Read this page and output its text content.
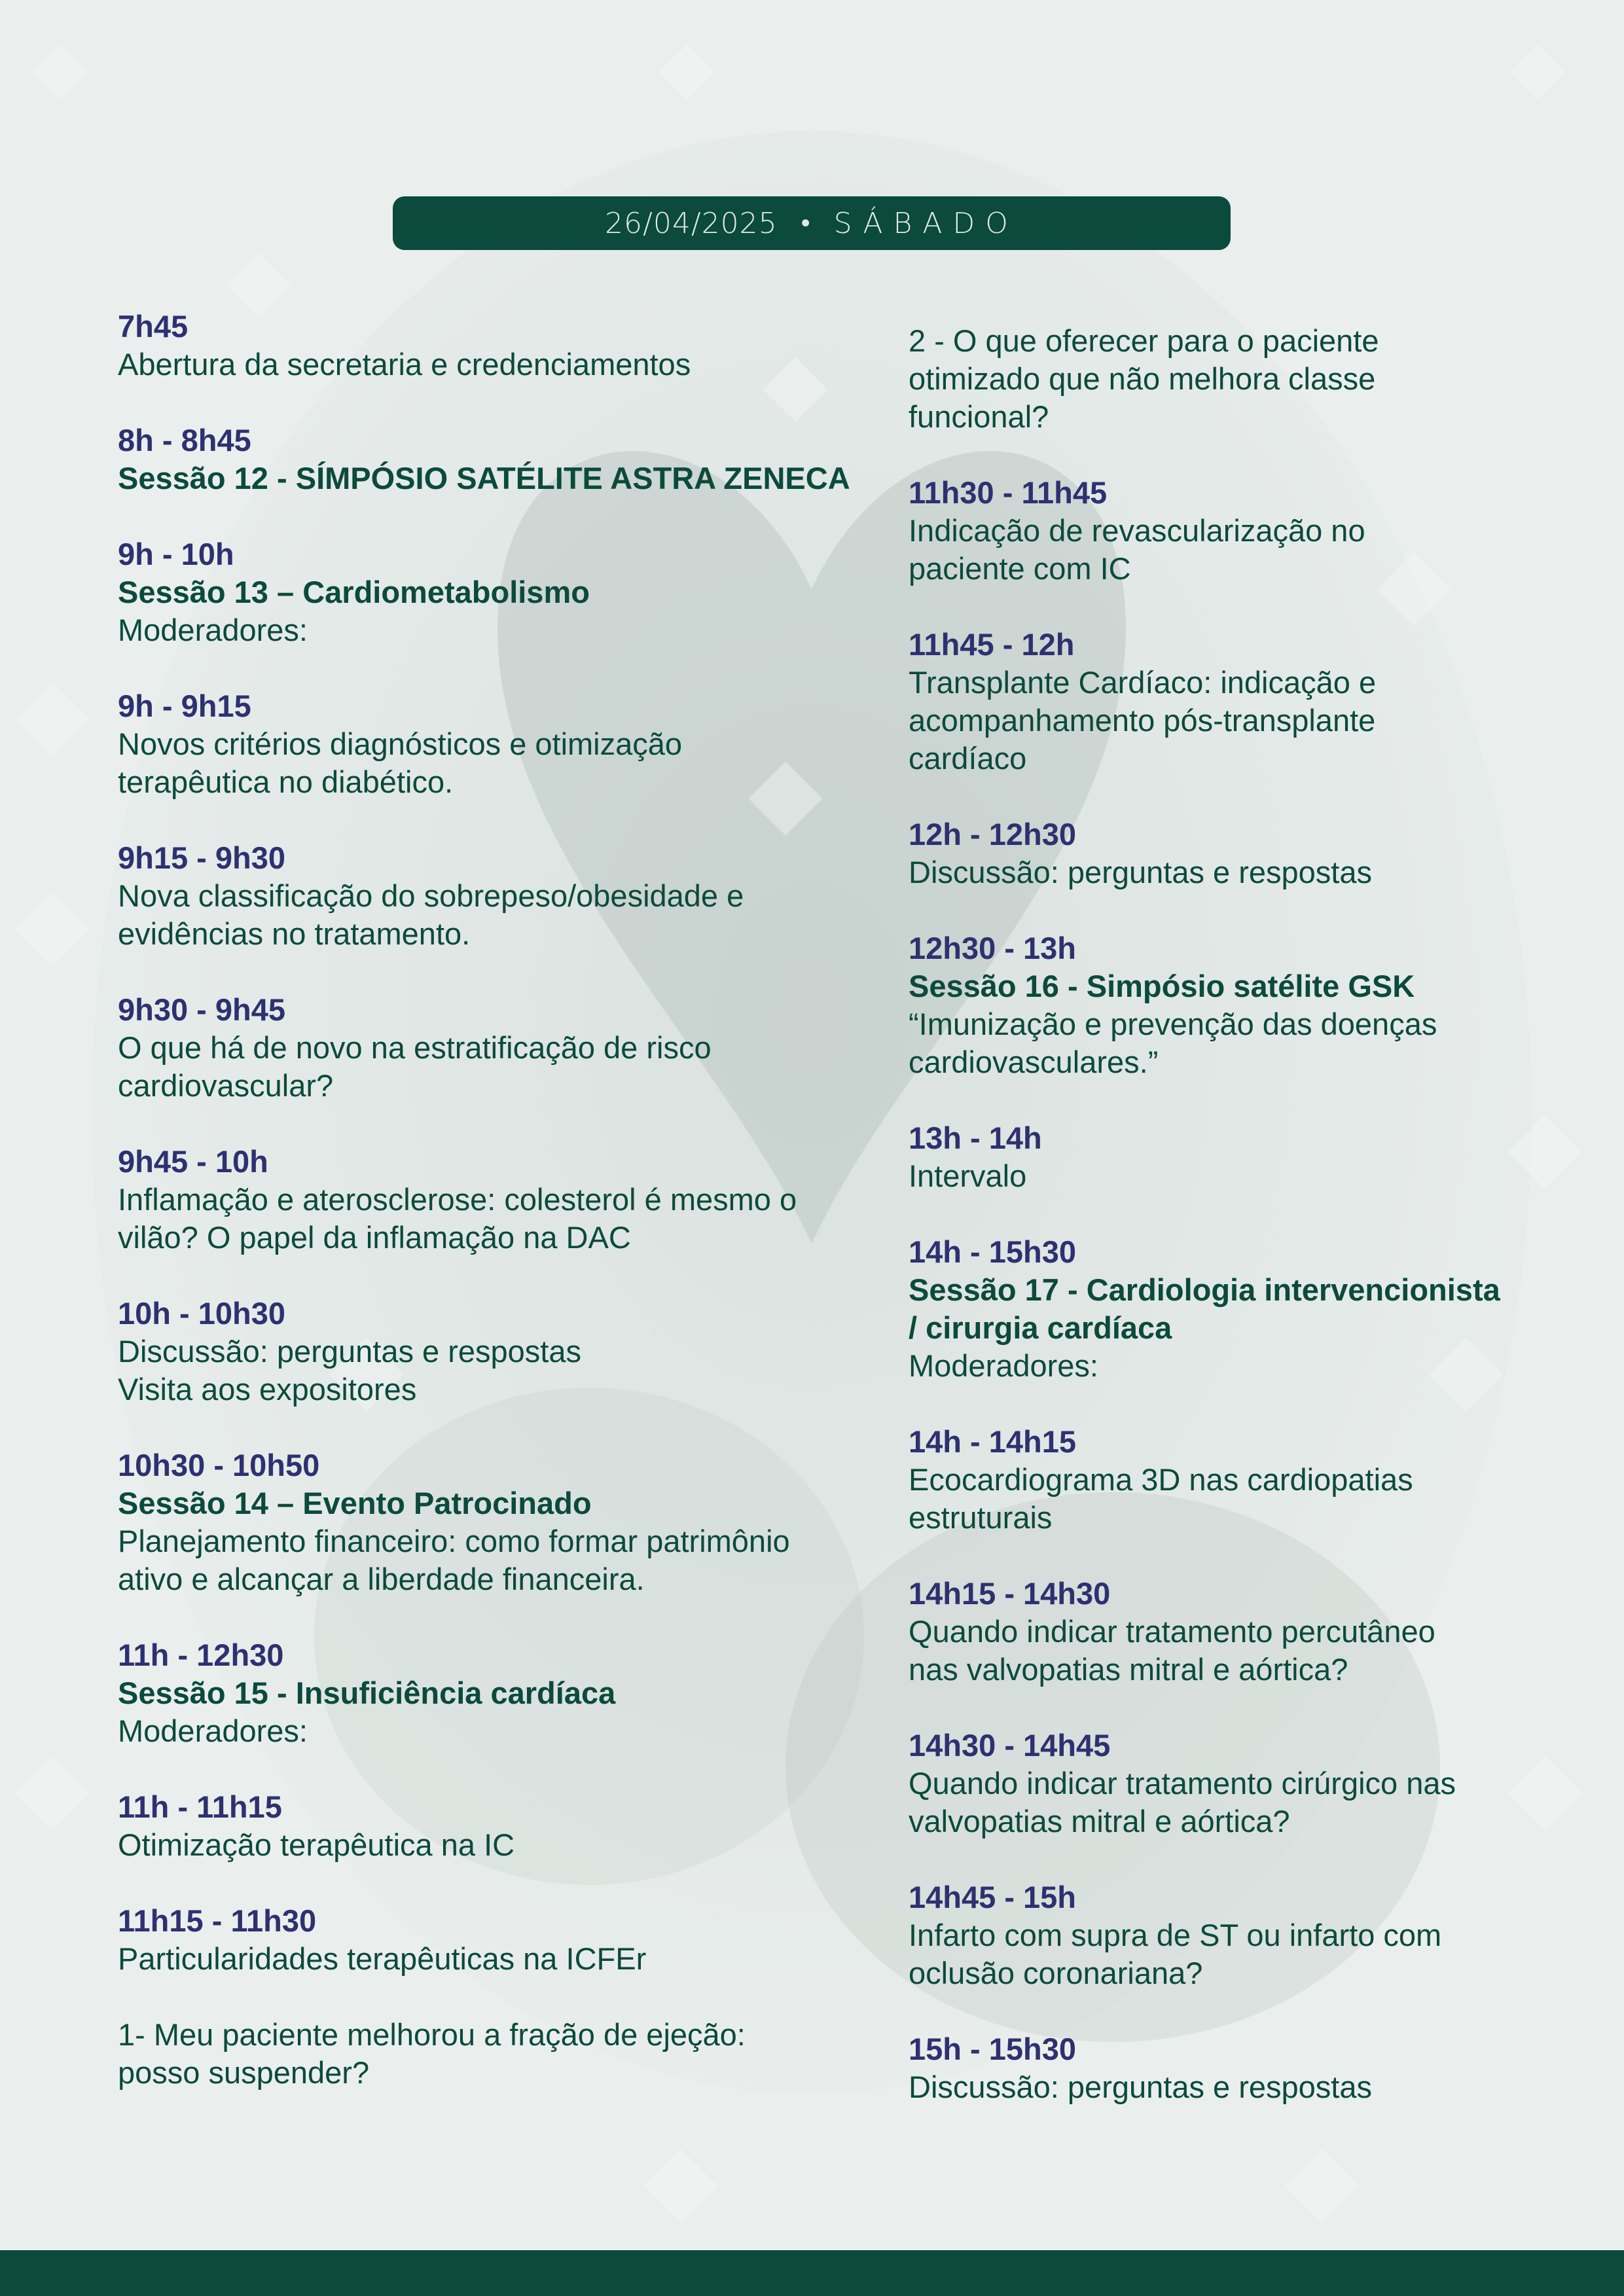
26/04/2025 • SÁBADO
7h45
Abertura da secretaria e credenciamentos
8h - 8h45
Sessão 12 - SÍMPÓSIO SATÉLITE ASTRA ZENECA
9h - 10h
Sessão 13 – Cardiometabolismo
Moderadores:
9h - 9h15
Novos critérios diagnósticos e otimização
terapêutica no diabético.
9h15 - 9h30
Nova classificação do sobrepeso/obesidade e
evidências no tratamento.
9h30 - 9h45
O que há de novo na estratificação de risco
cardiovascular?
9h45 - 10h
Inflamação e aterosclerose: colesterol é mesmo o
vilão? O papel da inflamação na DAC
10h - 10h30
Discussão: perguntas e respostas
Visita aos expositores
10h30 - 10h50
Sessão 14 – Evento Patrocinado
Planejamento financeiro: como formar patrimônio
ativo e alcançar a liberdade financeira.
11h - 12h30
Sessão 15 - Insuficiência cardíaca
Moderadores:
11h - 11h15
Otimização terapêutica na IC
11h15 - 11h30
Particularidades terapêuticas na ICFEr
1- Meu paciente melhorou a fração de ejeção:
posso suspender?
2 - O que oferecer para o paciente
otimizado que não melhora classe
funcional?
11h30 - 11h45
Indicação de revascularização no
paciente com IC
11h45 - 12h
Transplante Cardíaco: indicação e
acompanhamento pós-transplante
cardíaco
12h - 12h30
Discussão: perguntas e respostas
12h30 - 13h
Sessão 16 - Simpósio satélite GSK
“Imunização e prevenção das doenças
cardiovasculares.”
13h - 14h
Intervalo
14h - 15h30
Sessão 17 - Cardiologia intervencionista
/ cirurgia cardíaca
Moderadores:
14h - 14h15
Ecocardiograma 3D nas cardiopatias
estruturais
14h15 - 14h30
Quando indicar tratamento percutâneo
nas valvopatias mitral e aórtica?
14h30 - 14h45
Quando indicar tratamento cirúrgico nas
valvopatias mitral e aórtica?
14h45 - 15h
Infarto com supra de ST ou infarto com
oclusão coronariana?
15h - 15h30
Discussão: perguntas e respostas
